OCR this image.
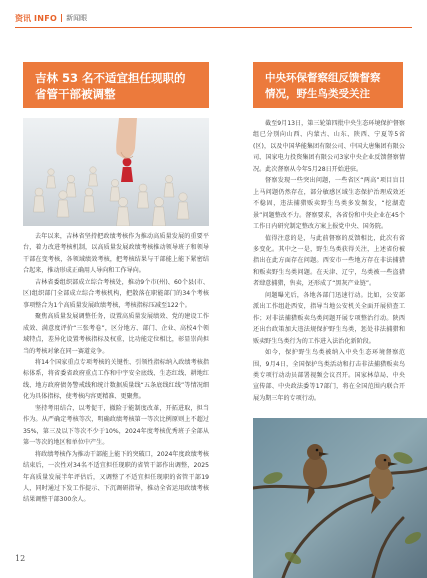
资讯 INFO 新闻眼
吉林 53 名不适宜担任现职的
省管干部被调整

去年以来，吉林省坚持把政绩考核作为推动高质量发展的重要平台，着力改进考核机制，以高质量发展政绩考核推动领导班子和领导干部在变考核，各领域绩效考核，把考核结果与干部能上能下紧密结合起来，推动形成正确用人导向和工作导向。

吉林省委组织部成立综合考核处，推动9个市(州)、60个县(市、区)组织部门全部成立综合考核机构，把散落在职能部门的34个考核事项整合为1个高质量发展政绩考核，考核指标压减至122个。

聚焦高质量发展调整任务，设置高质量发展绩效、党的建设工作成效、满意度评价“三张考卷”，区分地方、部门、企业、高校4个领域特点，差异化设置考核指标及权重，比功能定位相比，彰显崇尚担当的考核对象在同一赛道竞争。

将14个国家重点专项考核的关键性、引领性指标纳入政绩考核指标体系，将省委省政府重点工作和中宇安全底线、生态红线、耕地红线、地方政府债务警戒线和统计数据质量线“五条底线红线”等情况细化为具体指标，使考核内容更精准、更聚焦。

坚持考用结合，以考促干，撤险于能制度改革，开拓进取，担当作为。从严确定考核等次，明确政绩考核第一等次比例原则上不超过35%，第三及以下等次不少于10%，2024年度考核优秀班子全部从第一等次的地区和单位中产生。

将政绩考核作为推动干部能上能下的突破口，2024年度政绩考核结束后，一次性对34名不适宜担任现职的省管干部作出调整，2025年高质量发展半年评估后，又调整了不适宜担任现职的省管干部19人，同时通过下发工作提示、下沉调研指导，推动全省运用政绩考核结果调整干部300余人。

中央环保督察组反馈督察
情况，野生鸟类受关注

截至9月13日，第三轮第四批中央生态环境保护督察组已分别向山西、内蒙古、山东、陕西、宁夏等5省(区)，以及中国华能集团有限公司、中国大唐集团有限公司、国家电力投资集团有限公司3家中央企业反馈督察情况。此次督察从今年5月28日开始进驻。

督察发现一些突出问题，一些省区“两高”项目盲目上马问题仍然存在，部分敏感区域生态保护治理成效还不稳固，违法捕猎贩卖野生鸟类多发频发，“挖湖造景”问题整改不力。督察要求，各省份和中央企业在45个工作日内研究制定整改方案上报党中央、国务院。

值得注意的是，与此前督察的反馈相比，此次有省多变化。其中之一是，野生鸟类获得关注，上述省份被指出在此方面存在问题。西安市一些地方存在非法捕猎和贩卖野生鸟类问题。在天津、辽宁，鸟类被一些盗猎者肆意捕猎，售卖，还形成了“黑灰产业链”。

问题曝光后，各地各部门迅速行动。比如，公安部派出工作组赴西安，指导当地公安机关全面开展侦查工作；对非法捕猎贩卖鸟类问题开展专项整治行动。陕西还出台政策加大违法规保护野生鸟类，惩处非法捕猎和贩卖野生鸟类行为的工作进入法治化新阶段。

如今，保护野生鸟类被纳入中央生态环境督察范围，9月4日，全国保护鸟类活动和打击非法捕猎贩卖鸟类专项行动动员部署视频会议召开。国家林草局、中央宣传部、中央政法委等17部门，将在全国范围内联合开展为期三年的专项行动。

12
